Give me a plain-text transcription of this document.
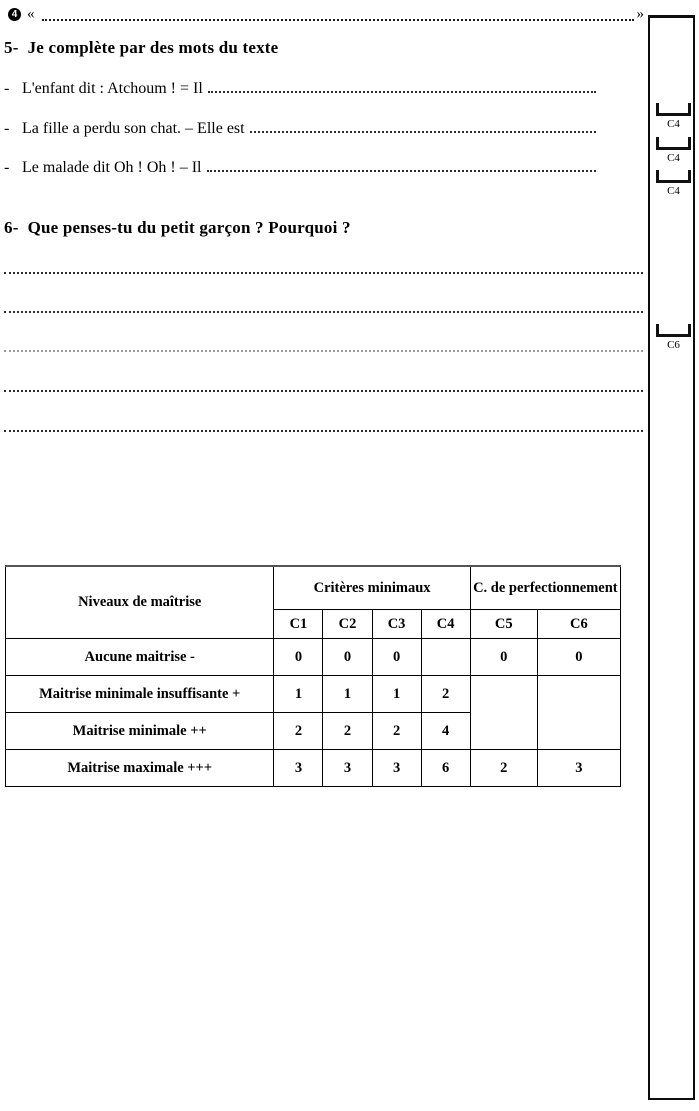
4 «	»
5- Je complète par des mots du texte
- L'enfant dit : Atchoum ! = Il
- La fille a perdu son chat. – Elle est
- Le malade dit Oh ! Oh ! – Il
6- Que penses-tu du petit garçon ? Pourquoi ?
C4
C4
C4
C6
Niveaux de maîtrise	Critères minimaux				C. de perfectionnement	
	C1	C2	C3	C4	C5	C6
Aucune maitrise -	0	0	0		0	0
Maitrise minimale insuffisante +	1	1	1	2		
Maitrise minimale ++	2	2	2	4		
Maitrise maximale +++	3	3	3	6	2	3
